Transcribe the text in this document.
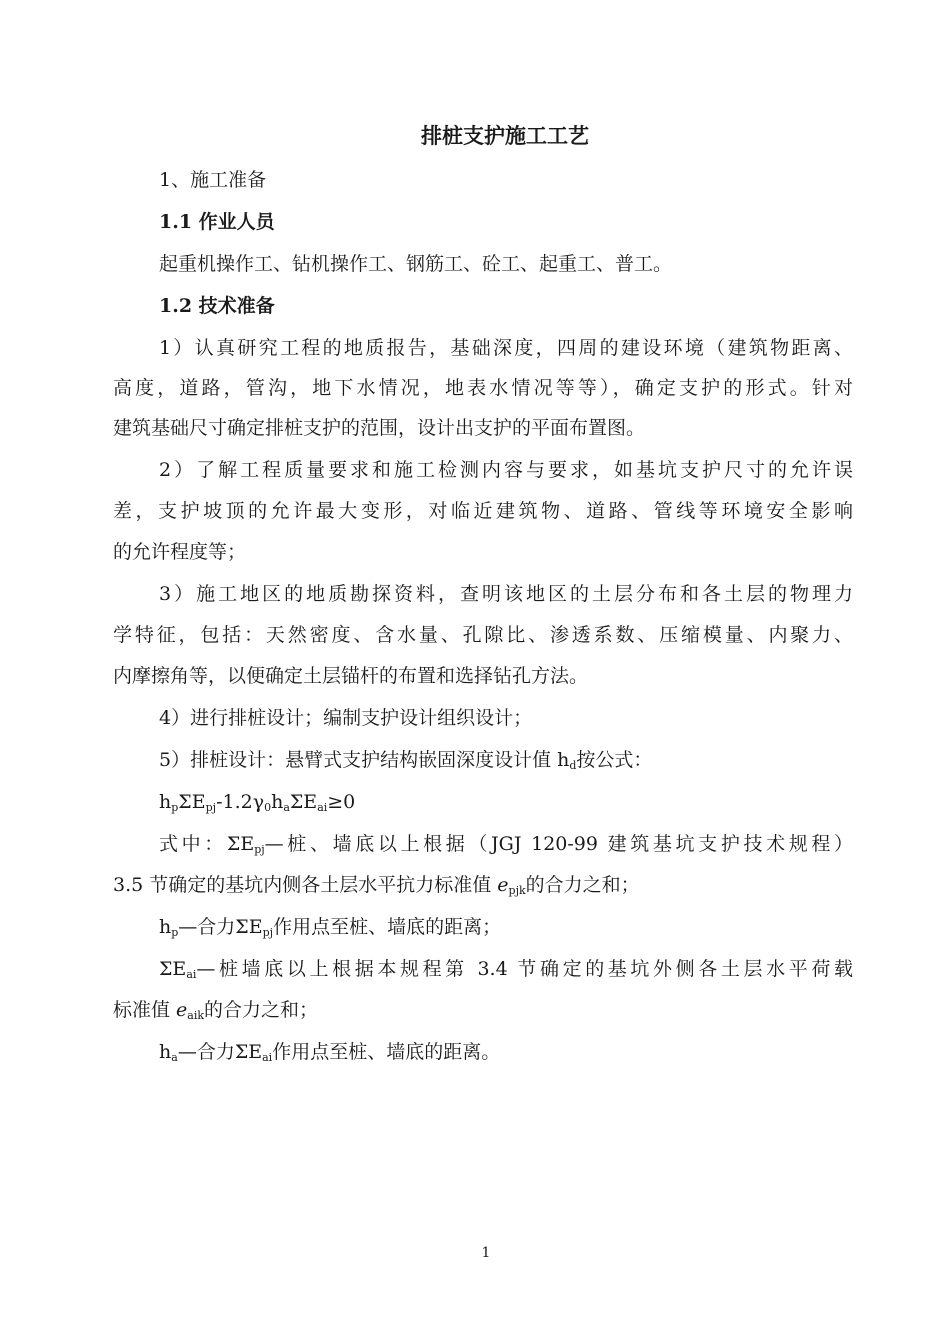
排桩支护施工工艺
1、施工准备
1.1 作业人员
起重机操作工、钻机操作工、钢筋工、砼工、起重工、普工。
1.2 技术准备
1）认真研究工程的地质报告，基础深度，四周的建设环境（建筑物距离、
高度，道路，管沟，地下水情况，地表水情况等等），确定支护的形式。针对
建筑基础尺寸确定排桩支护的范围，设计出支护的平面布置图。
2）了解工程质量要求和施工检测内容与要求，如基坑支护尺寸的允许误
差，支护坡顶的允许最大变形，对临近建筑物、道路、管线等环境安全影响
的允许程度等；
3）施工地区的地质勘探资料，查明该地区的土层分布和各土层的物理力
学特征，包括：天然密度、含水量、孔隙比、渗透系数、压缩模量、内聚力、
内摩擦角等，以便确定土层锚杆的布置和选择钻孔方法。
4）进行排桩设计；编制支护设计组织设计；
5）排桩设计：悬臂式支护结构嵌固深度设计值 $h_d$按公式：
$h_p\Sigma E_{pj}-1.2\gamma_0h_a\Sigma E_{ai}\ge 0$
式中：$\Sigma E_{pj}—$桩、墙底以上根据（JGJ 120-99 建筑基坑支护技术规程）
3.5 节确定的基坑内侧各土层水平抗力标准值 $e_{pjk}$的合力之和；
$h_p—$合力$\Sigma E_{pj}$作用点至桩、墙底的距离；
$\Sigma E_{ai}—$桩墙底以上根据本规程第 3.4 节确定的基坑外侧各土层水平荷载
标准值 $e_{aik}$的合力之和；
$h_a—$合力$\Sigma E_{ai}$作用点至桩、墙底的距离。
1
